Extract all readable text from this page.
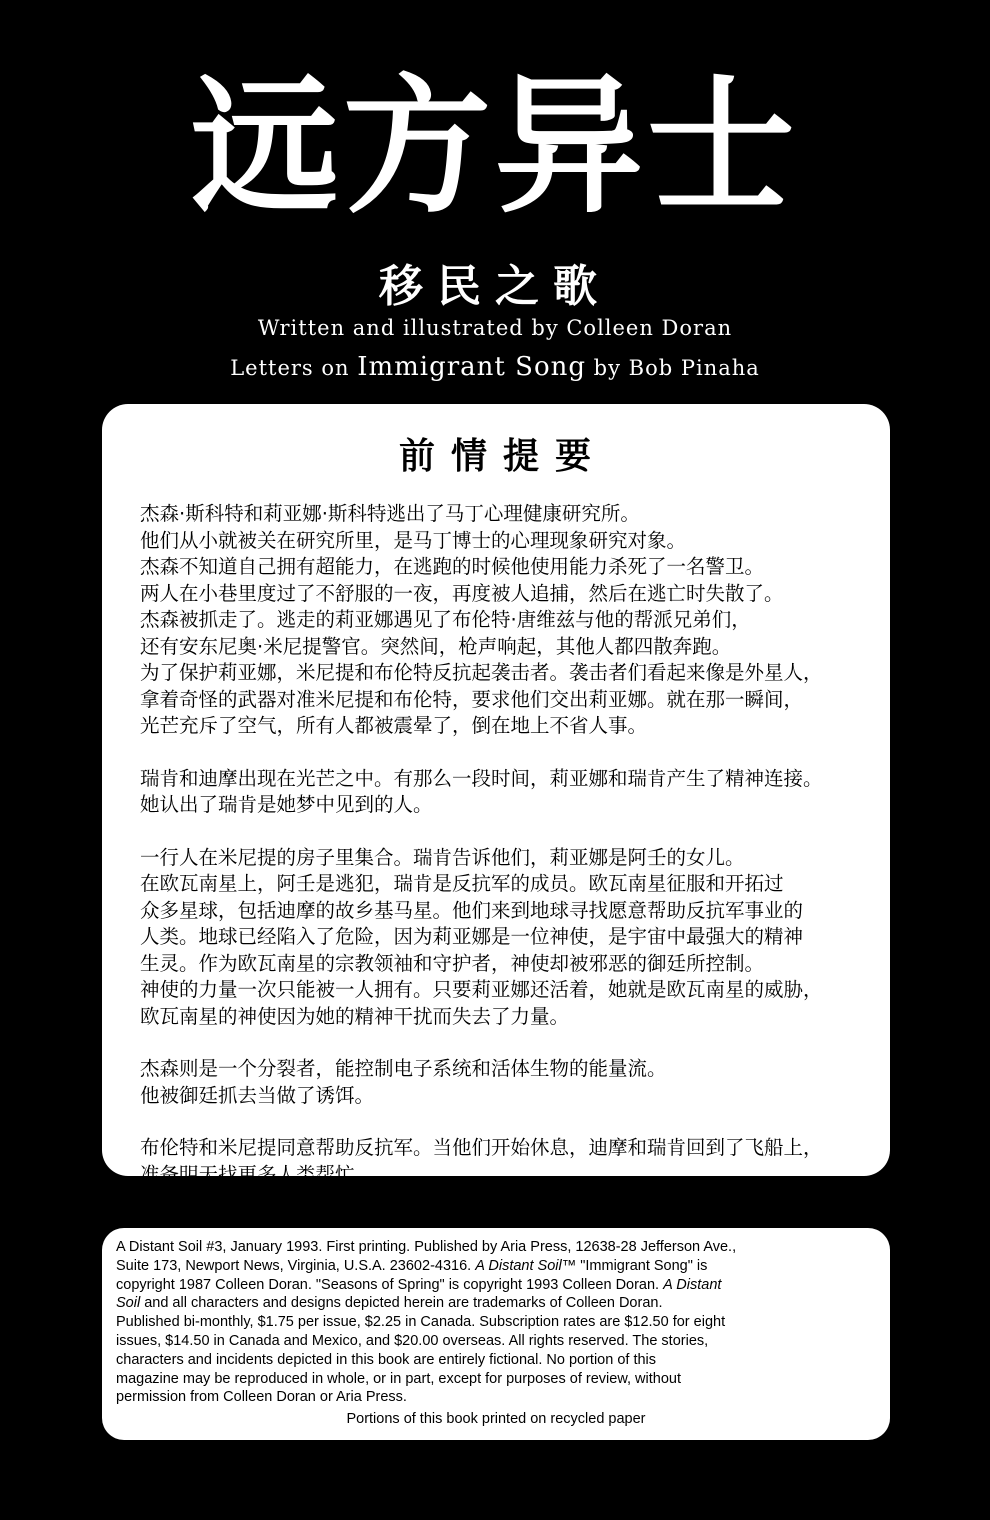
远方异士
移民之歌
Written and illustrated by Colleen Doran
Letters on Immigrant Song by Bob Pinaha
前情提要
杰森·斯科特和莉亚娜·斯科特逃出了马丁心理健康研究所。
他们从小就被关在研究所里，是马丁博士的心理现象研究对象。
杰森不知道自己拥有超能力，在逃跑的时候他使用能力杀死了一名警卫。
两人在小巷里度过了不舒服的一夜，再度被人追捕，然后在逃亡时失散了。
杰森被抓走了。逃走的莉亚娜遇见了布伦特·唐维兹与他的帮派兄弟们，
还有安东尼奥·米尼提警官。突然间，枪声响起，其他人都四散奔跑。
为了保护莉亚娜，米尼提和布伦特反抗起袭击者。袭击者们看起来像是外星人，
拿着奇怪的武器对准米尼提和布伦特，要求他们交出莉亚娜。就在那一瞬间，
光芒充斥了空气，所有人都被震晕了，倒在地上不省人事。
瑞肯和迪摩出现在光芒之中。有那么一段时间，莉亚娜和瑞肯产生了精神连接。
她认出了瑞肯是她梦中见到的人。
一行人在米尼提的房子里集合。瑞肯告诉他们，莉亚娜是阿壬的女儿。
在欧瓦南星上，阿壬是逃犯，瑞肯是反抗军的成员。欧瓦南星征服和开拓过
众多星球，包括迪摩的故乡基马星。他们来到地球寻找愿意帮助反抗军事业的
人类。地球已经陷入了危险，因为莉亚娜是一位神使，是宇宙中最强大的精神
生灵。作为欧瓦南星的宗教领袖和守护者，神使却被邪恶的御廷所控制。
神使的力量一次只能被一人拥有。只要莉亚娜还活着，她就是欧瓦南星的威胁，
欧瓦南星的神使因为她的精神干扰而失去了力量。
杰森则是一个分裂者，能控制电子系统和活体生物的能量流。
他被御廷抓去当做了诱饵。
布伦特和米尼提同意帮助反抗军。当他们开始休息，迪摩和瑞肯回到了飞船上，
准备明天找更多人类帮忙。
A Distant Soil #3, January 1993. First printing. Published by Aria Press, 12638-28 Jefferson Ave.,
Suite 173, Newport News, Virginia, U.S.A. 23602-4316. A Distant Soil™ "Immigrant Song" is
copyright 1987 Colleen Doran. "Seasons of Spring" is copyright 1993 Colleen Doran. A Distant
Soil and all characters and designs depicted herein are trademarks of Colleen Doran.
Published bi-monthly, $1.75 per issue, $2.25 in Canada. Subscription rates are $12.50 for eight
issues, $14.50 in Canada and Mexico, and $20.00 overseas. All rights reserved. The stories,
characters and incidents depicted in this book are entirely fictional. No portion of this
magazine may be reproduced in whole, or in part, except for purposes of review, without
permission from Colleen Doran or Aria Press.
Portions of this book printed on recycled paper
